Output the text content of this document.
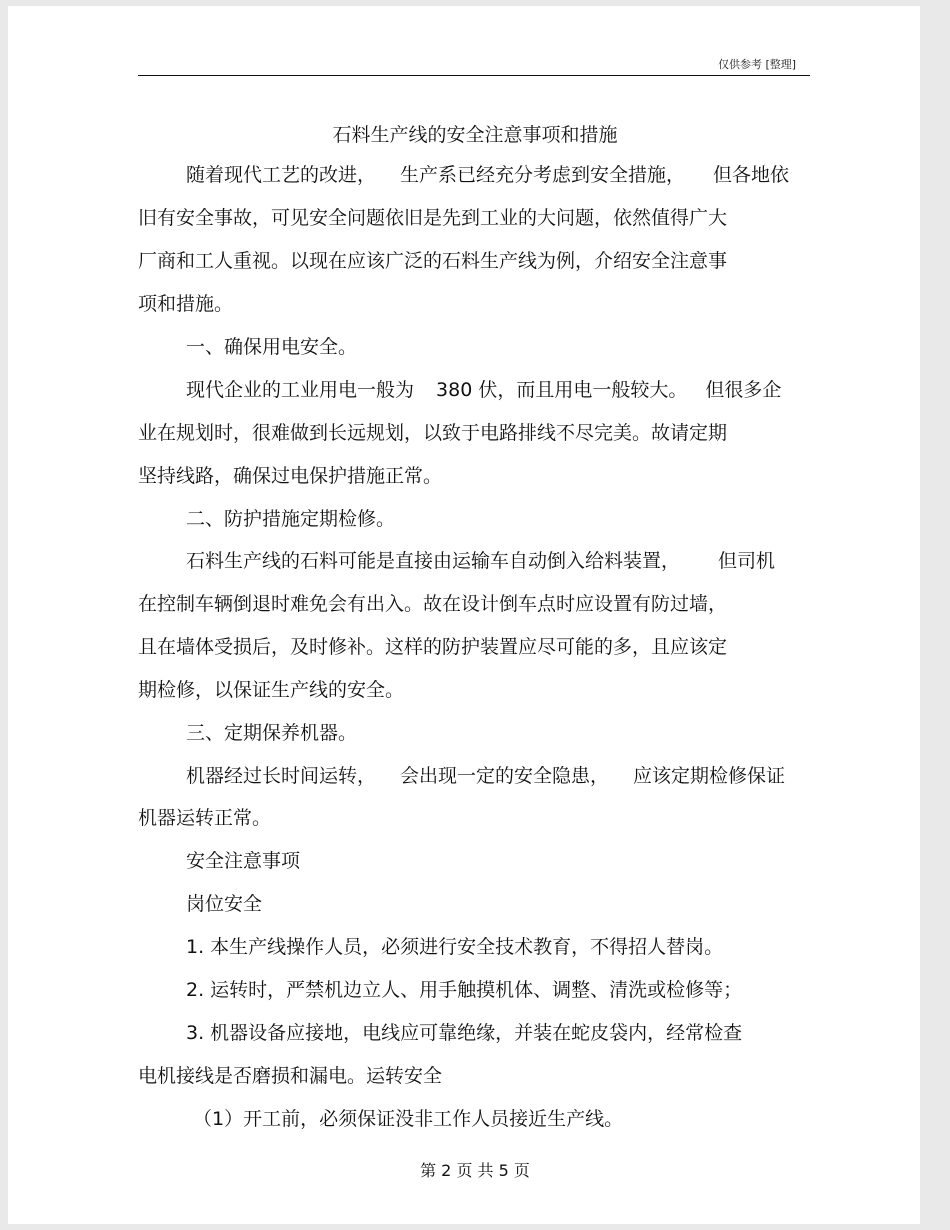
仅供参考 [整理]
石料生产线的安全注意事项和措施
随着现代工艺的改进， 生产系已经充分考虑到安全措施， 但各地依
旧有安全事故，可见安全问题依旧是先到工业的大问题，依然值得广大
厂商和工人重视。以现在应该广泛的石料生产线为例，介绍安全注意事
项和措施。
一、确保用电安全。
现代企业的工业用电一般为 380 伏，而且用电一般较大。 但很多企
业在规划时，很难做到长远规划，以致于电路排线不尽完美。故请定期
坚持线路，确保过电保护措施正常。
二、防护措施定期检修。
石料生产线的石料可能是直接由运输车自动倒入给料装置， 但司机
在控制车辆倒退时难免会有出入。故在设计倒车点时应设置有防过墙，
且在墙体受损后，及时修补。这样的防护装置应尽可能的多，且应该定
期检修，以保证生产线的安全。
三、定期保养机器。
机器经过长时间运转， 会出现一定的安全隐患， 应该定期检修保证
机器运转正常。
安全注意事项
岗位安全
1. 本生产线操作人员，必须进行安全技术教育，不得招人替岗。
2. 运转时，严禁机边立人、用手触摸机体、调整、清洗或检修等；
3. 机器设备应接地，电线应可靠绝缘，并装在蛇皮袋内，经常检查
电机接线是否磨损和漏电。运转安全
（1）开工前，必须保证没非工作人员接近生产线。
第 2 页 共 5 页
